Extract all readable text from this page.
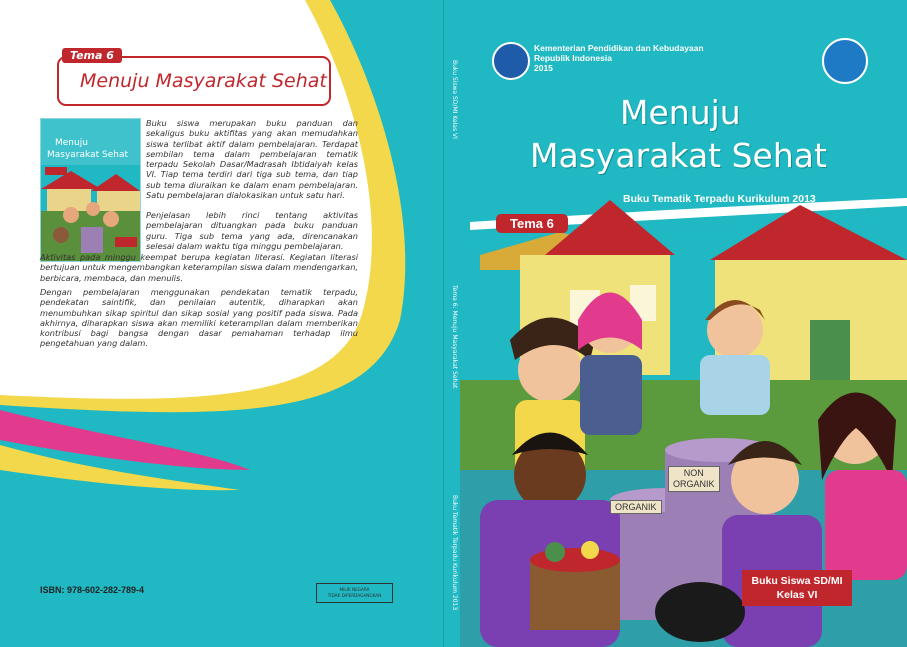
Tema 6
Menuju Masyarakat Sehat
Menuju
Masyarakat Sehat
Buku siswa merupakan buku panduan dan sekaligus buku aktifitas yang akan memudahkan siswa terlibat aktif dalam pembelajaran. Terdapat sembilan tema dalam pembelajaran tematik terpadu Sekolah Dasar/Madrasah Ibtidaiyah kelas VI. Tiap tema terdiri dari tiga sub tema, dan tiap sub tema diuraikan ke dalam enam pembelajaran. Satu pembelajaran dialokasikan untuk satu hari.
Penjelasan lebih rinci tentang aktivitas pembelajaran dituangkan pada buku panduan guru. Tiga sub tema yang ada, direncanakan selesai dalam waktu tiga minggu pembelajaran.
Aktivitas pada minggu keempat berupa kegiatan literasi. Kegiatan literasi bertujuan untuk mengembangkan keterampilan siswa dalam mendengarkan, berbicara, membaca, dan menulis.
Dengan pembelajaran menggunakan pendekatan tematik terpadu, pendekatan saintifik, dan penilaian autentik, diharapkan akan menumbuhkan sikap spiritul dan sikap sosial yang positif pada siswa. Pada akhirnya, diharapkan siswa akan memiliki keterampilan dalam memberikan kontribusi bagi bangsa dengan dasar pemahaman terhadap ilmu pengetahuan yang dalam.
ISBN: 978-602-282-789-4	MILIK NEGARA
TIDAK DIPERDAGANGKAN
Buku Siswa SD/MI Kelas VI
Tema 6: Menuju Masyarakat Sehat
Buku Tematik Terpadu Kurikulum 2013
Kementerian Pendidikan dan Kebudayaan
Republik Indonesia
2015
Menuju
Masyarakat Sehat
Buku Tematik Terpadu Kurikulum 2013
Tema 6
ORGANIK
NON
ORGANIK
Buku Siswa SD/MI
Kelas VI
